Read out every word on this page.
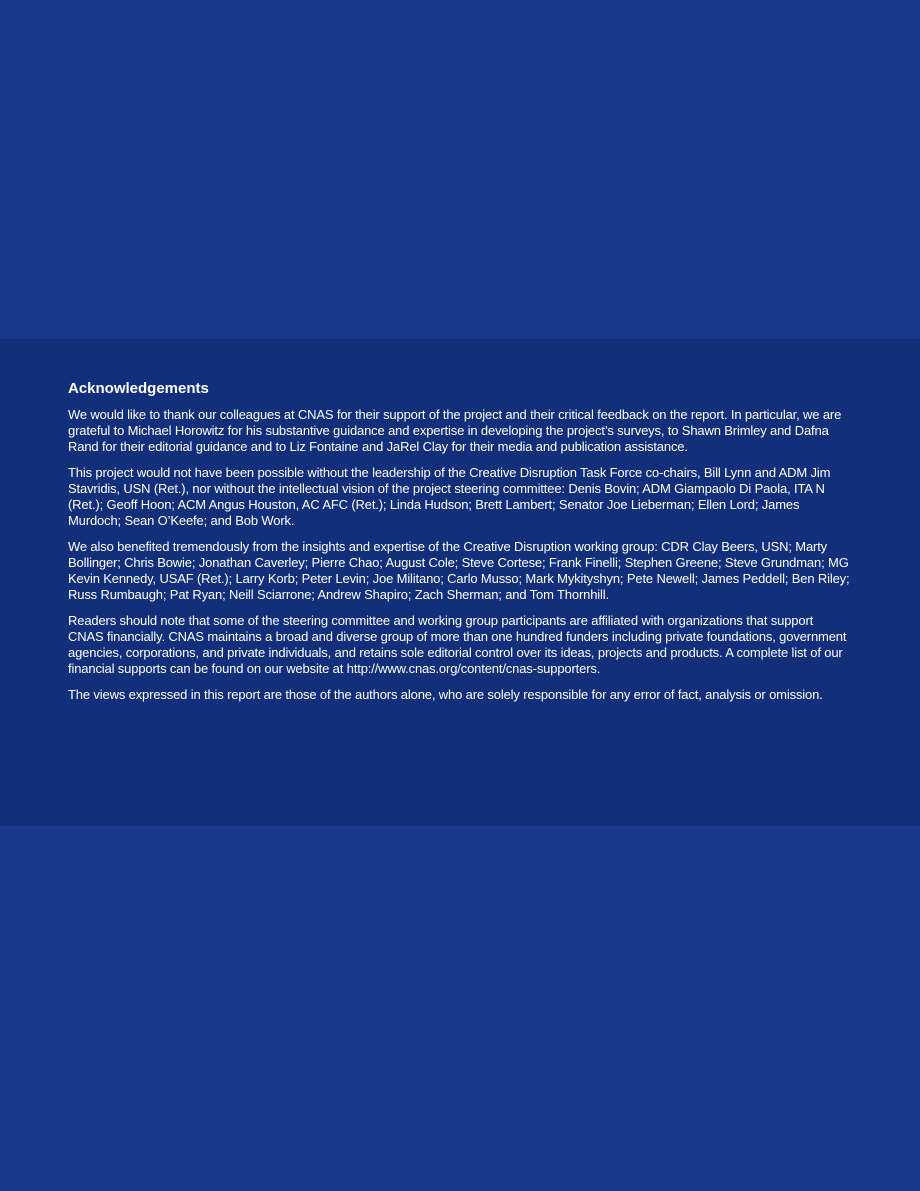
Acknowledgements

We would like to thank our colleagues at CNAS for their support of the project and their critical feedback on the report. In particular, we are grateful to Michael Horowitz for his substantive guidance and expertise in developing the project’s surveys, to Shawn Brimley and Dafna Rand for their editorial guidance and to Liz Fontaine and JaRel Clay for their media and publication assistance.

This project would not have been possible without the leadership of the Creative Disruption Task Force co-chairs, Bill Lynn and ADM Jim Stavridis, USN (Ret.), nor without the intellectual vision of the project steering committee: Denis Bovin; ADM Giampaolo Di Paola, ITA N (Ret.); Geoff Hoon; ACM Angus Houston, AC AFC (Ret.); Linda Hudson; Brett Lambert; Senator Joe Lieberman; Ellen Lord; James Murdoch; Sean O’Keefe; and Bob Work.

We also benefited tremendously from the insights and expertise of the Creative Disruption working group: CDR Clay Beers, USN; Marty Bollinger; Chris Bowie; Jonathan Caverley; Pierre Chao; August Cole; Steve Cortese; Frank Finelli; Stephen Greene; Steve Grundman; MG Kevin Kennedy, USAF (Ret.); Larry Korb; Peter Levin; Joe Militano; Carlo Musso; Mark Mykityshyn; Pete Newell; James Peddell; Ben Riley; Russ Rumbaugh; Pat Ryan; Neill Sciarrone; Andrew Shapiro; Zach Sherman; and Tom Thornhill.

Readers should note that some of the steering committee and working group participants are affiliated with organizations that support CNAS financially. CNAS maintains a broad and diverse group of more than one hundred funders including private foundations, government agencies, corporations, and private individuals, and retains sole editorial control over its ideas, projects and products. A complete list of our financial supports can be found on our website at http://www.cnas.org/content/cnas-supporters.

The views expressed in this report are those of the authors alone, who are solely responsible for any error of fact, analysis or omission.
